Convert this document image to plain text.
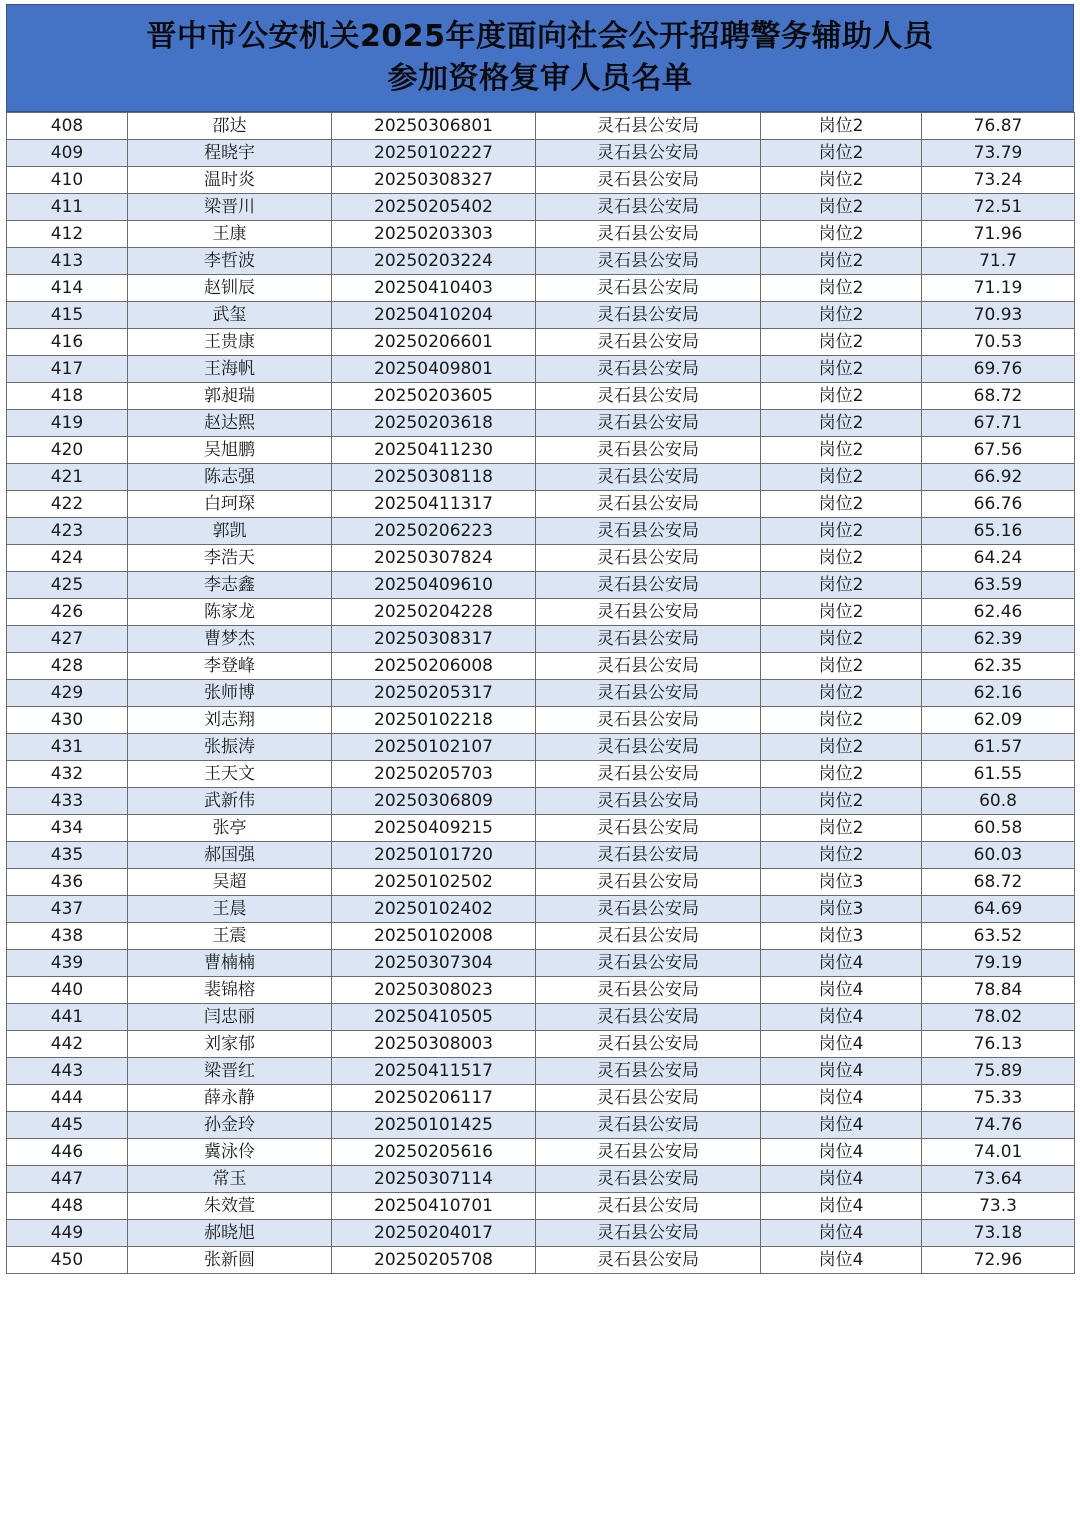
晋中市公安机关2025年度面向社会公开招聘警务辅助人员
参加资格复审人员名单
408	邵达	20250306801	灵石县公安局	岗位2	76.87
409	程晓宇	20250102227	灵石县公安局	岗位2	73.79
410	温时炎	20250308327	灵石县公安局	岗位2	73.24
411	梁晋川	20250205402	灵石县公安局	岗位2	72.51
412	王康	20250203303	灵石县公安局	岗位2	71.96
413	李哲波	20250203224	灵石县公安局	岗位2	71.7
414	赵钏辰	20250410403	灵石县公安局	岗位2	71.19
415	武玺	20250410204	灵石县公安局	岗位2	70.93
416	王贵康	20250206601	灵石县公安局	岗位2	70.53
417	王海帆	20250409801	灵石县公安局	岗位2	69.76
418	郭昶瑞	20250203605	灵石县公安局	岗位2	68.72
419	赵达熙	20250203618	灵石县公安局	岗位2	67.71
420	吴旭鹏	20250411230	灵石县公安局	岗位2	67.56
421	陈志强	20250308118	灵石县公安局	岗位2	66.92
422	白珂琛	20250411317	灵石县公安局	岗位2	66.76
423	郭凯	20250206223	灵石县公安局	岗位2	65.16
424	李浩天	20250307824	灵石县公安局	岗位2	64.24
425	李志鑫	20250409610	灵石县公安局	岗位2	63.59
426	陈家龙	20250204228	灵石县公安局	岗位2	62.46
427	曹梦杰	20250308317	灵石县公安局	岗位2	62.39
428	李登峰	20250206008	灵石县公安局	岗位2	62.35
429	张师博	20250205317	灵石县公安局	岗位2	62.16
430	刘志翔	20250102218	灵石县公安局	岗位2	62.09
431	张振涛	20250102107	灵石县公安局	岗位2	61.57
432	王天文	20250205703	灵石县公安局	岗位2	61.55
433	武新伟	20250306809	灵石县公安局	岗位2	60.8
434	张亭	20250409215	灵石县公安局	岗位2	60.58
435	郝国强	20250101720	灵石县公安局	岗位2	60.03
436	吴超	20250102502	灵石县公安局	岗位3	68.72
437	王晨	20250102402	灵石县公安局	岗位3	64.69
438	王震	20250102008	灵石县公安局	岗位3	63.52
439	曹楠楠	20250307304	灵石县公安局	岗位4	79.19
440	裴锦榕	20250308023	灵石县公安局	岗位4	78.84
441	闫忠丽	20250410505	灵石县公安局	岗位4	78.02
442	刘家郁	20250308003	灵石县公安局	岗位4	76.13
443	梁晋红	20250411517	灵石县公安局	岗位4	75.89
444	薛永静	20250206117	灵石县公安局	岗位4	75.33
445	孙金玲	20250101425	灵石县公安局	岗位4	74.76
446	冀泳伶	20250205616	灵石县公安局	岗位4	74.01
447	常玉	20250307114	灵石县公安局	岗位4	73.64
448	朱效萱	20250410701	灵石县公安局	岗位4	73.3
449	郝晓旭	20250204017	灵石县公安局	岗位4	73.18
450	张新圆	20250205708	灵石县公安局	岗位4	72.96
